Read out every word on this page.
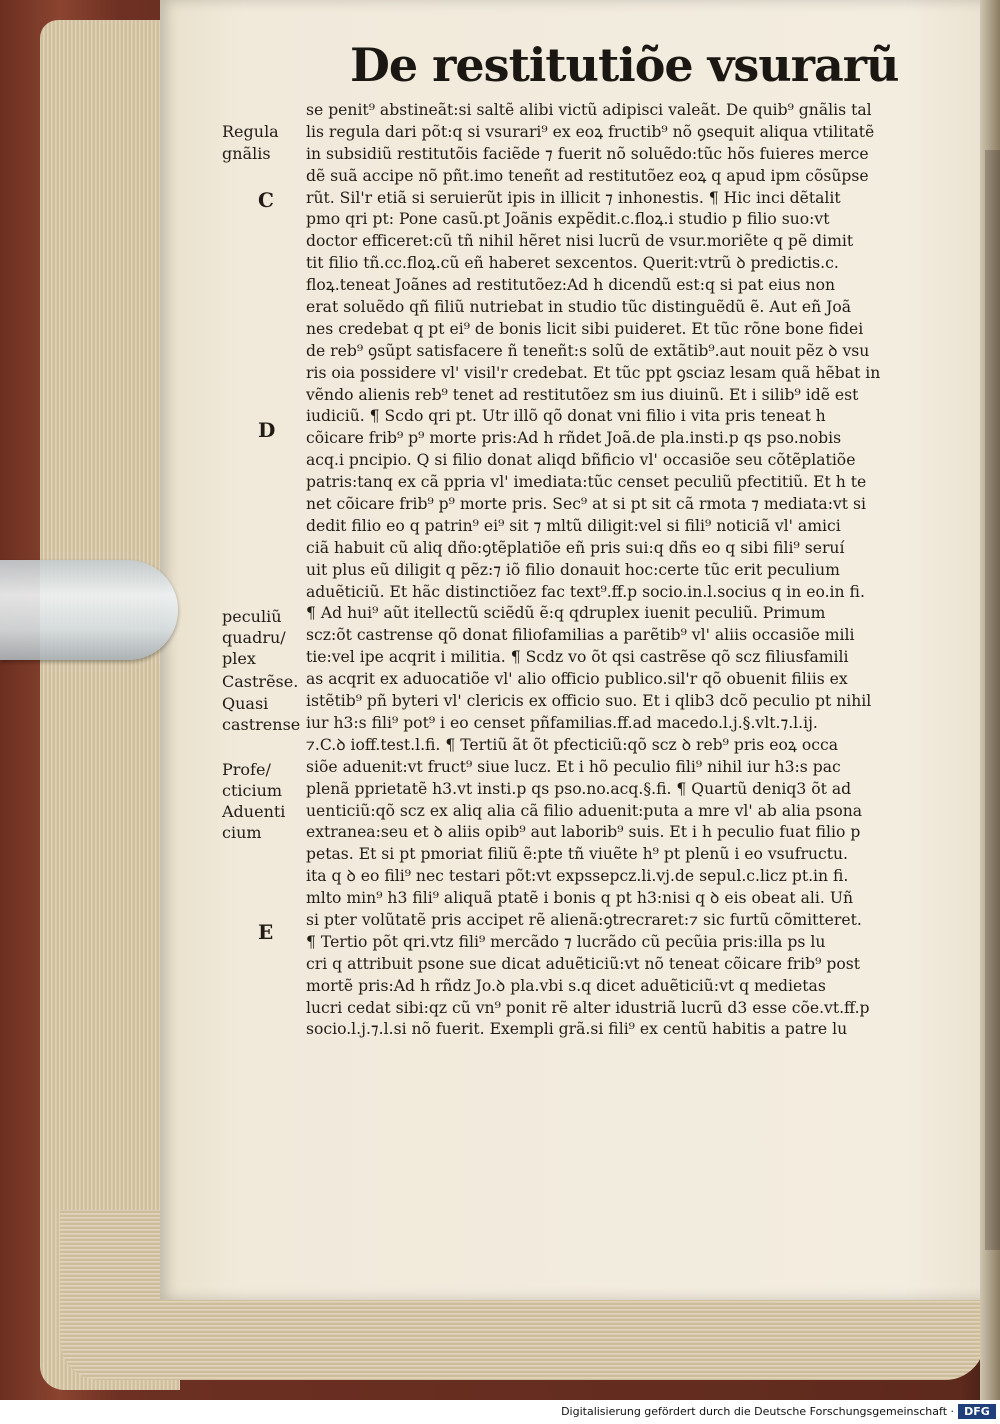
De restitutiõe vsurarũ
se penit⁹ abstineãt:si saltẽ alibi victũ adipisci valeãt. De quib⁹ gnãlis tal
lis regula dari põt:q si vsurari⁹ ex eoꝝ fructib⁹ nõ ꝯsequit aliqua vtilitatẽ
in subsidiũ restitutõis faciẽde ⁊ fuerit nõ soluẽdo:tũc hõs fuieres merce
dẽ suã accipe nõ pñt.imo teneñt ad restitutõez eoꝝ q apud ipm cõsũpse
rũt. Sil'r etiã si seruierũt ipis in illicit ⁊ inhonestis. ¶ Hic inci dẽtalit
pmo qri pt: Pone casũ.pt Joãnis expẽdit.c.floꝝ.i studio p filio suo:vt
doctor efficeret:cũ tñ nihil hẽret nisi lucrũ de vsur.moriẽte q pẽ dimit
tit filio tñ.cc.floꝝ.cũ eñ haberet sexcentos. Querit:vtrũ ꝺ predictis.c.
floꝝ.teneat Joãnes ad restitutõez:Ad h dicendũ est:q si pat eius non
erat soluẽdo qñ filiũ nutriebat in studio tũc distinguẽdũ ẽ. Aut eñ Joã
nes credebat q pt ei⁹ de bonis licit sibi puideret. Et tũc rõne bone fidei
de reb⁹ ꝯsũpt satisfacere ñ teneñt:s solũ de extãtib⁹.aut nouit pẽz ꝺ vsu
ris oia possidere vl' visil'r credebat. Et tũc ppt ꝯsciaz lesam quã hẽbat in
vẽndo alienis reb⁹ tenet ad restitutõez sm ius diuinũ. Et i silib⁹ idẽ est
iudiciũ. ¶ Scdo qri pt. Utr illõ qõ donat vni filio i vita pris teneat h
cõicare frib⁹ p⁹ morte pris:Ad h rñdet Joã.de pla.insti.p qs pso.nobis
acq.i pncipio. Q si filio donat aliqd bñficio vl' occasiõe seu cõtẽplatiõe
patris:tanq ex cã ppria vl' imediata:tũc censet peculiũ pfectitiũ. Et h te
net cõicare frib⁹ p⁹ morte pris. Sec⁹ at si pt sit cã rmota ⁊ mediata:vt si
dedit filio eo q patrin⁹ ei⁹ sit ⁊ mltũ diligit:vel si fili⁹ noticiã vl' amici
ciã habuit cũ aliq dño:ꝯtẽplatiõe eñ pris sui:q dñs eo q sibi fili⁹ seruí
uit plus eũ diligit q pẽz:⁊ iõ filio donauit hoc:certe tũc erit peculium
aduẽticiũ. Et hãc distinctiõez fac text⁹.ff.p socio.in.l.socius q in eo.in fi.
¶ Ad hui⁹ aũt itellectũ sciẽdũ ẽ:q qdruplex iuenit peculiũ. Primum
scz:õt castrense qõ donat filiofamilias a parẽtib⁹ vl' aliis occasiõe mili
tie:vel ipe acqrit i militia. ¶ Scdz vo õt qsi castrẽse qõ scz filiusfamili
as acqrit ex aduocatiõe vl' alio officio publico.sil'r qõ obuenit filiis ex
istẽtib⁹ pñ byteri vl' clericis ex officio suo. Et i qlib3 dcõ peculio pt nihil
iur h3:s fili⁹ pot⁹ i eo censet pñfamilias.ff.ad macedo.l.j.§.vlt.⁊.l.ij.
⁊.C.ꝺ ioff.test.l.fi. ¶ Tertiũ ãt õt pfecticiũ:qõ scz ꝺ reb⁹ pris eoꝝ occa
siõe aduenit:vt fruct⁹ siue lucz. Et i hõ peculio fili⁹ nihil iur h3:s pac
plenã pprietatẽ h3.vt insti.p qs pso.no.acq.§.fi. ¶ Quartũ deniq3 õt ad
uenticiũ:qõ scz ex aliq alia cã filio aduenit:puta a mre vl' ab alia psona
extranea:seu et ꝺ aliis opib⁹ aut laborib⁹ suis. Et i h peculio fuat filio p
petas. Et si pt pmoriat filiũ ẽ:pte tñ viuẽte h⁹ pt plenũ i eo vsufructu.
ita q ꝺ eo fili⁹ nec testari põt:vt expssepcz.li.vj.de sepul.c.licz pt.in fi.
mlto min⁹ h3 fili⁹ aliquã ptatẽ i bonis q pt h3:nisi q ꝺ eis obeat ali. Uñ
si pter volũtatẽ pris accipet rẽ alienã:ꝯtrecraret:⁊ sic furtũ cõmitteret.
¶ Tertio põt qri.vtz fili⁹ mercãdo ⁊ lucrãdo cũ pecũia pris:illa ps lu
cri q attribuit psone sue dicat aduẽticiũ:vt nõ teneat cõicare frib⁹ post
mortẽ pris:Ad h rñdz Jo.ꝺ pla.vbi s.q dicet aduẽticiũ:vt q medietas
lucri cedat sibi:qz cũ vn⁹ ponit rẽ alter idustriã lucrũ d3 esse cõe.vt.ff.p
socio.l.j.⁊.l.si nõ fuerit. Exempli grã.si fili⁹ ex centũ habitis a patre lu
Regula
gnãlis
C
D
peculiũ
quadru/
plex
Castrẽse.
Quasi
castrense
Profe/
cticium
Aduenti
cium
E
Digitalisierung gefördert durch die Deutsche Forschungsgemeinschaft · DFG
